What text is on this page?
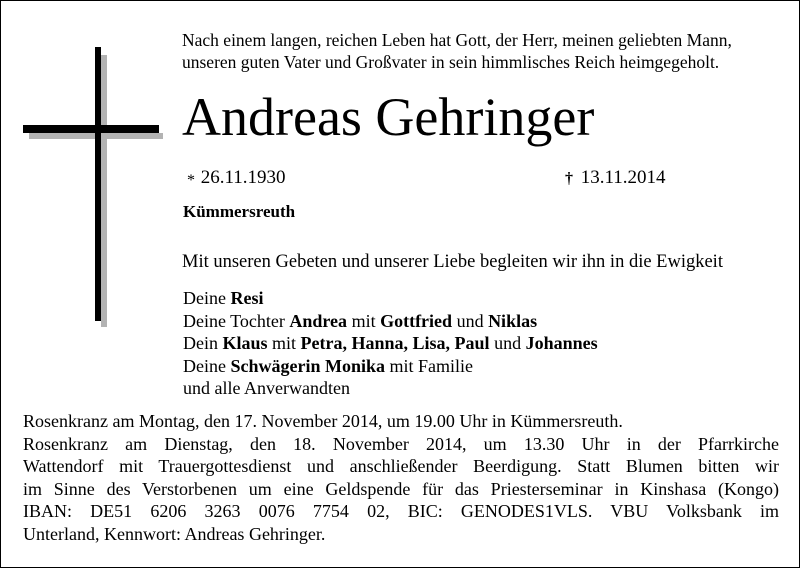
Nach einem langen, reichen Leben hat Gott, der Herr, meinen geliebten Mann,
unseren guten Vater und Großvater in sein himmlisches Reich heimgegeholt.
Andreas Gehringer
* 26.11.1930	† 13.11.2014
Kümmersreuth
Mit unseren Gebeten und unserer Liebe begleiten wir ihn in die Ewigkeit
Deine Resi
Deine Tochter Andrea mit Gottfried und Niklas
Dein Klaus mit Petra, Hanna, Lisa, Paul und Johannes
Deine Schwägerin Monika mit Familie
und alle Anverwandten
Rosenkranz am Montag, den 17. November 2014, um 19.00 Uhr in Kümmersreuth.
Rosenkranz am Dienstag, den 18. November 2014, um 13.30 Uhr in der Pfarrkirche
Wattendorf mit Trauergottesdienst und anschließender Beerdigung. Statt Blumen bitten wir
im Sinne des Verstorbenen um eine Geldspende für das Priesterseminar in Kinshasa (Kongo)
IBAN: DE51 6206 3263 0076 7754 02, BIC: GENODES1VLS. VBU Volksbank im
Unterland, Kennwort: Andreas Gehringer.
